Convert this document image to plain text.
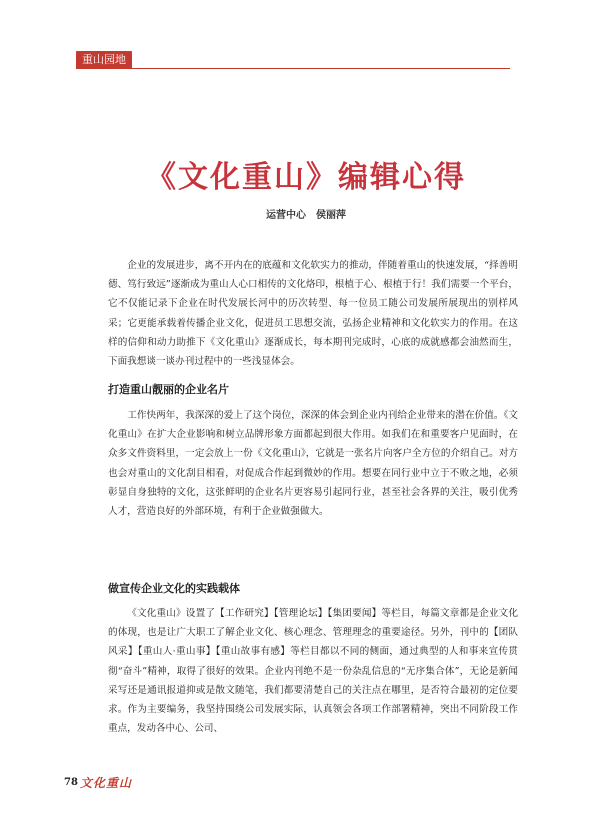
重山园地
《文化重山》编辑心得
运营中心　侯丽萍

企业的发展进步，离不开内在的底蕴和文化软实力的推动，伴随着重山的快速发展，“择善明德、笃行致远”逐渐成为重山人心口相传的文化烙印，根植于心、根植于行！我们需要一个平台，它不仅能记录下企业在时代发展长河中的历次转型、每一位员工随公司发展所展现出的别样风采；它更能承载着传播企业文化，促进员工思想交流，弘扬企业精神和文化软实力的作用。在这样的信仰和动力助推下《文化重山》逐渐成长，每本期刊完成时，心底的成就感都会油然而生，下面我想谈一谈办刊过程中的一些浅显体会。

打造重山靓丽的企业名片

工作快两年，我深深的爱上了这个岗位，深深的体会到企业内刊给企业带来的潜在价值。《文化重山》在扩大企业影响和树立品牌形象方面都起到很大作用。如我们在和重要客户见面时，在众多文件资料里，一定会放上一份《文化重山》，它就是一张名片向客户全方位的介绍自己。对方也会对重山的文化刮目相看，对促成合作起到微妙的作用。想要在同行业中立于不败之地，必须彰显自身独特的文化，这张鲜明的企业名片更容易引起同行业，甚至社会各界的关注，吸引优秀人才，营造良好的外部环境，有利于企业做强做大。

做宣传企业文化的实践载体

《文化重山》设置了【工作研究】【管理论坛】【集团要闻】等栏目，每篇文章都是企业文化的体现，也是让广大职工了解企业文化、核心理念、管理理念的重要途径。另外，刊中的【团队风采】【重山人·重山事】【重山故事有感】等栏目都以不同的侧面，通过典型的人和事来宣传贯彻“奋斗”精神，取得了很好的效果。企业内刊绝不是一份杂乱信息的“无序集合体”，无论是新闻采写还是通讯报道抑或是散文随笔，我们都要清楚自己的关注点在哪里，是否符合最初的定位要求。作为主要编务，我坚持围绕公司发展实际，认真领会各项工作部署精神，突出不同阶段工作重点，发动各中心、公司、

78 文化重山
